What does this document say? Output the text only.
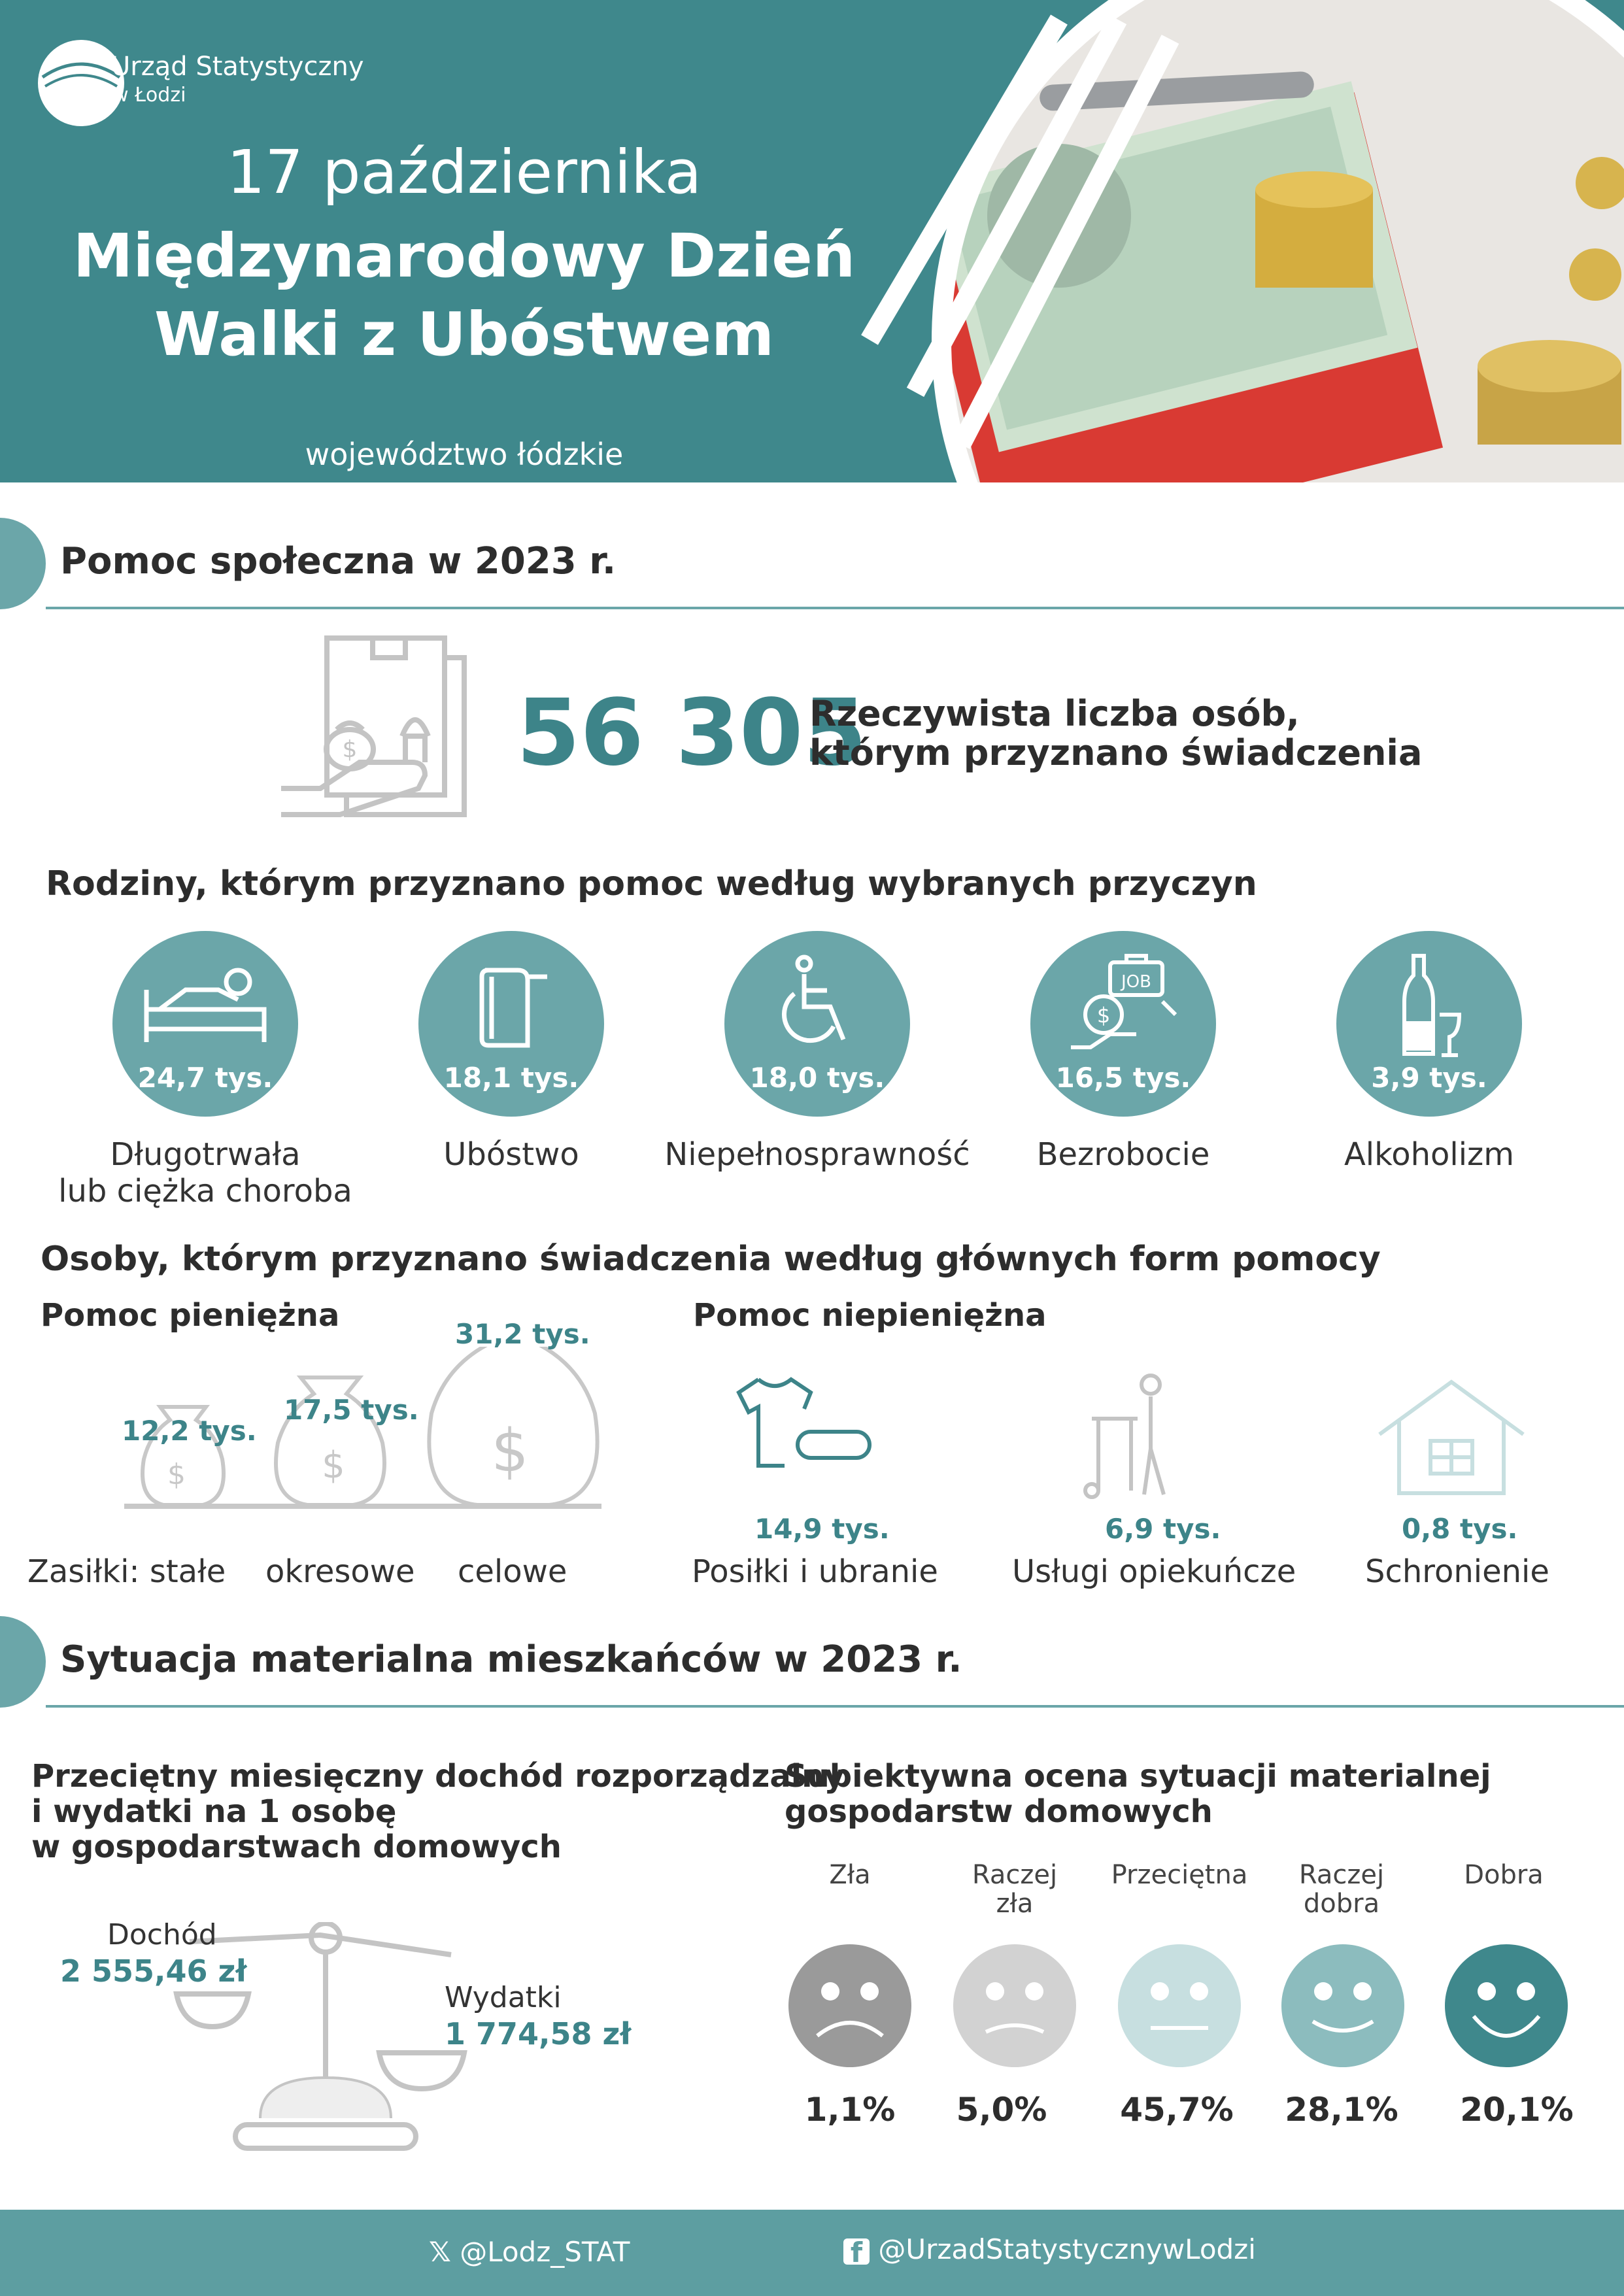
Urząd Statystyczny
w Łodzi
17 października
Międzynarodowy Dzień
Walki z Ubóstwem
województwo łódzkie
Pomoc społeczna w 2023 r.
$ 56 305
Rzeczywista liczba osób,
którym przyznano świadczenia
Rodziny, którym przyznano pomoc według wybranych przyczyn
24,7 tys.	18,1 tys.	18,0 tys.
JOB
$
16,5 tys.	3,9 tys.
Długotrwała
lub ciężka choroba
Ubóstwo	Niepełnosprawność	Bezrobocie	Alkoholizm
Osoby, którym przyznano świadczenia według głównych form pomocy
Pomoc pieniężna	Pomoc niepieniężna
$	$ $
12,2 tys.
17,5 tys.
31,2 tys.
Zasiłki: stałe okresowe celowe
14,9 tys.	6,9 tys.	0,8 tys.
Posiłki i ubranie Usługi opiekuńcze Schronienie
Sytuacja materialna mieszkańców w 2023 r.
Przeciętny miesięczny dochód rozporządzalny
i wydatki na 1 osobę
w gospodarstwach domowych
Dochód
2 555,46 zł
Wydatki
1 774,58 zł
Subiektywna ocena sytuacji materialnej
gospodarstw domowych
Zła	Raczej
zła
Przeciętna	Raczej
dobra
Dobra
1,1%	5,0%	45,7% 28,1% 20,1%
𝕏 @Lodz_STAT	f @UrzadStatystycznywLodzi
